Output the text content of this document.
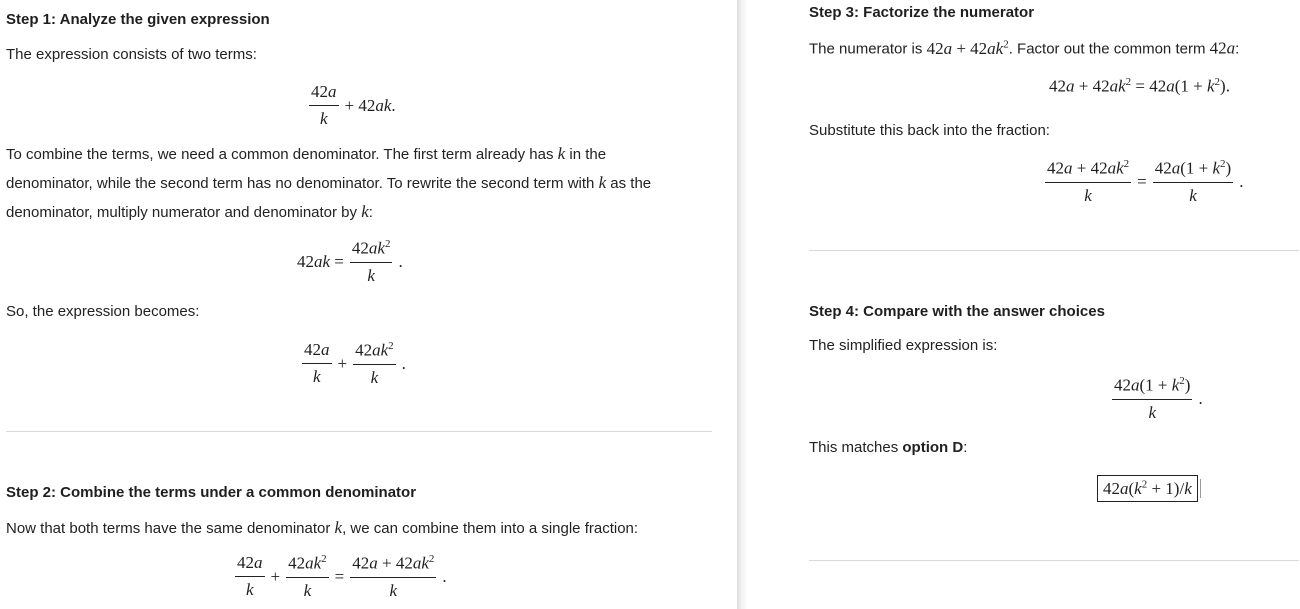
Step 1: Analyze the given expression
The expression consists of two terms:
$\frac{42a}{k} + 42ak$.
To combine the terms, we need a common denominator. The first term already has k in the
denominator, while the second term has no denominator. To rewrite the second term with k as the
denominator, multiply numerator and denominator by k:
$42ak = \frac{42ak^2}{k}$ .
So, the expression becomes:
$\frac{42a}{k} + \frac{42ak^2}{k}$ .
Step 2: Combine the terms under a common denominator
Now that both terms have the same denominator k, we can combine them into a single fraction:
$\frac{42a}{k} + \frac{42ak^2}{k} = \frac{42a + 42ak^2}{k}$ .
Step 3: Factorize the numerator
The numerator is $42a + 42ak^2$. Factor out the common term 42a:
$42a + 42ak^2 = 42a(1 + k^2)$.
Substitute this back into the fraction:
$\frac{42a + 42ak^2}{k} = \frac{42a(1 + k^2)}{k}$ .
Step 4: Compare with the answer choices
The simplified expression is:
$\frac{42a(1 + k^2)}{k}$ .
This matches option D:
$42a(k^2 + 1)/k$
